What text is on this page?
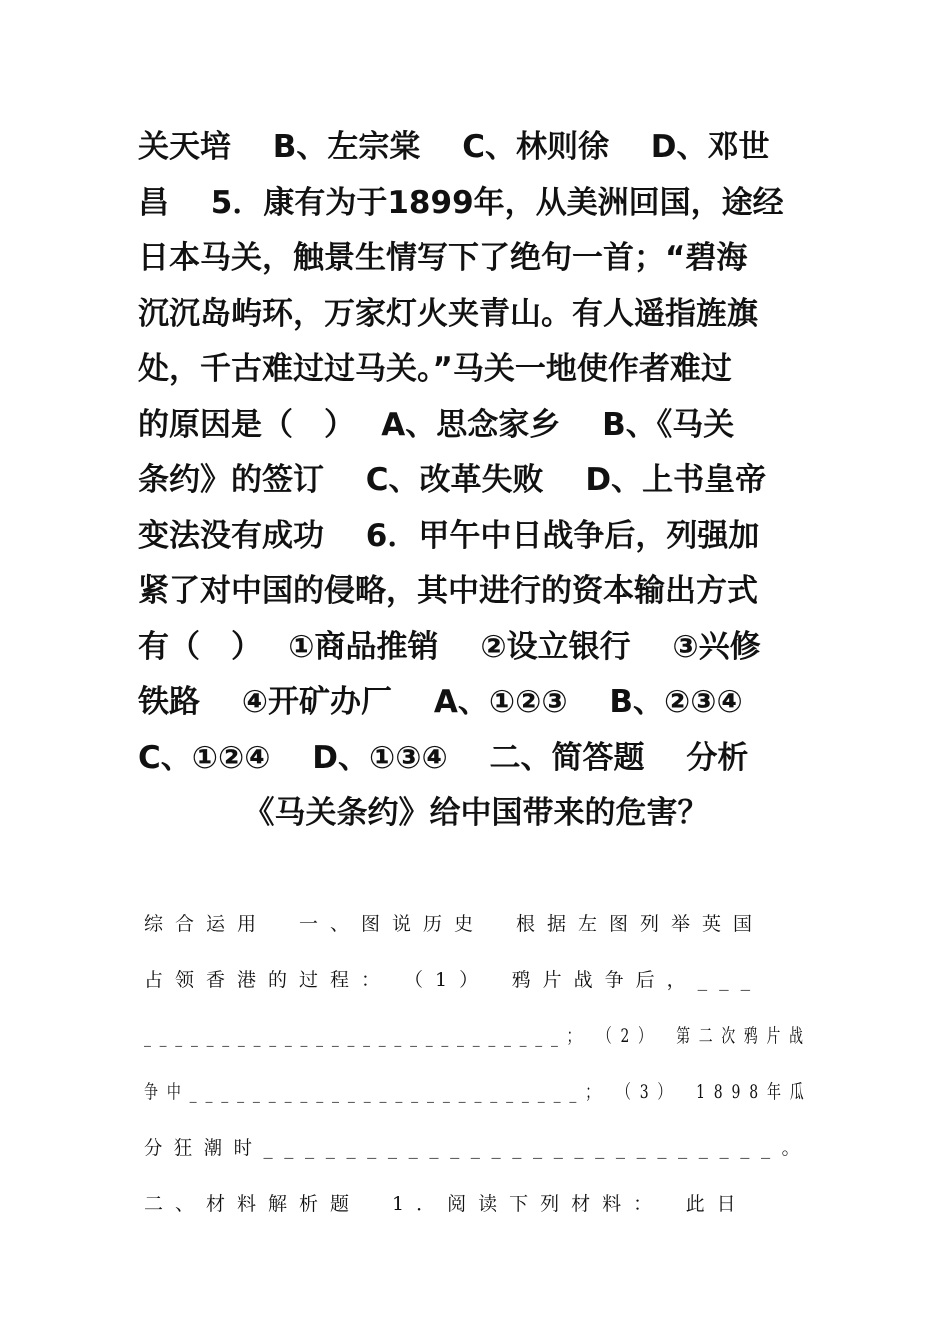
关天培　 B、左宗棠　 C、林则徐　 D、邓世
昌　 5．康有为于1899年，从美洲回国，途经
日本马关，触景生情写下了绝句一首；“碧海
沉沉岛屿环，万家灯火夹青山。有人遥指旌旗
处，千古难过过马关。”马关一地使作者难过
的原因是（　）　 A、思念家乡　 B、《马关
条约》的签订　 C、改革失败　 D、上书皇帝
变法没有成功　 6．甲午中日战争后，列强加
紧了对中国的侵略，其中进行的资本输出方式
有（　）　 ①商品推销　 ②设立银行　 ③兴修
铁路　 ④开矿办厂　 A、①②③　 B、②③④
C、①②④　 D、①③④　 二、简答题　 分析
《马关条约》给中国带来的危害？
综合运用　一、图说历史　根据左图列举英国
占领香港的过程：　（1）　鸦片战争后，___
___________________________；　（2）　第二次鸦片战
争中_________________________；　（3）　1898年瓜
分狂潮时_________________________。
二、材料解析题　1．阅读下列材料：　此日
